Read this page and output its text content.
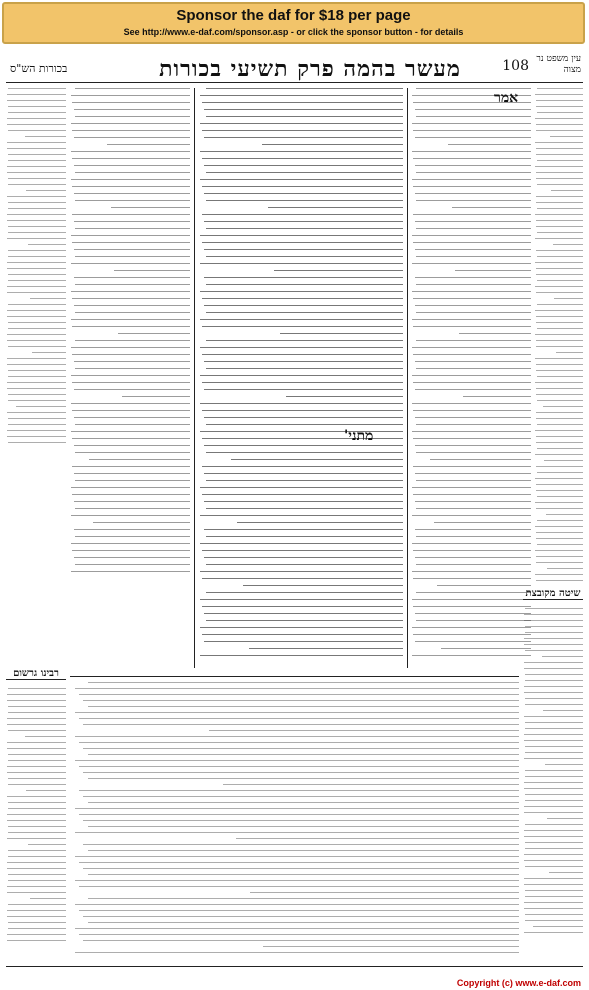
Sponsor the daf for $18 per page
See http://www.e-daf.com/sponsor.asp - or click the sponsor button - for details
108
מעשר בהמה פרק תשיעי בכורות
בכורות הש"ס
עין משפט נר מצוה
מתני'
אמר
רבינו גרשום
שיטה מקובצת
Copyright (c) www.e-daf.com
